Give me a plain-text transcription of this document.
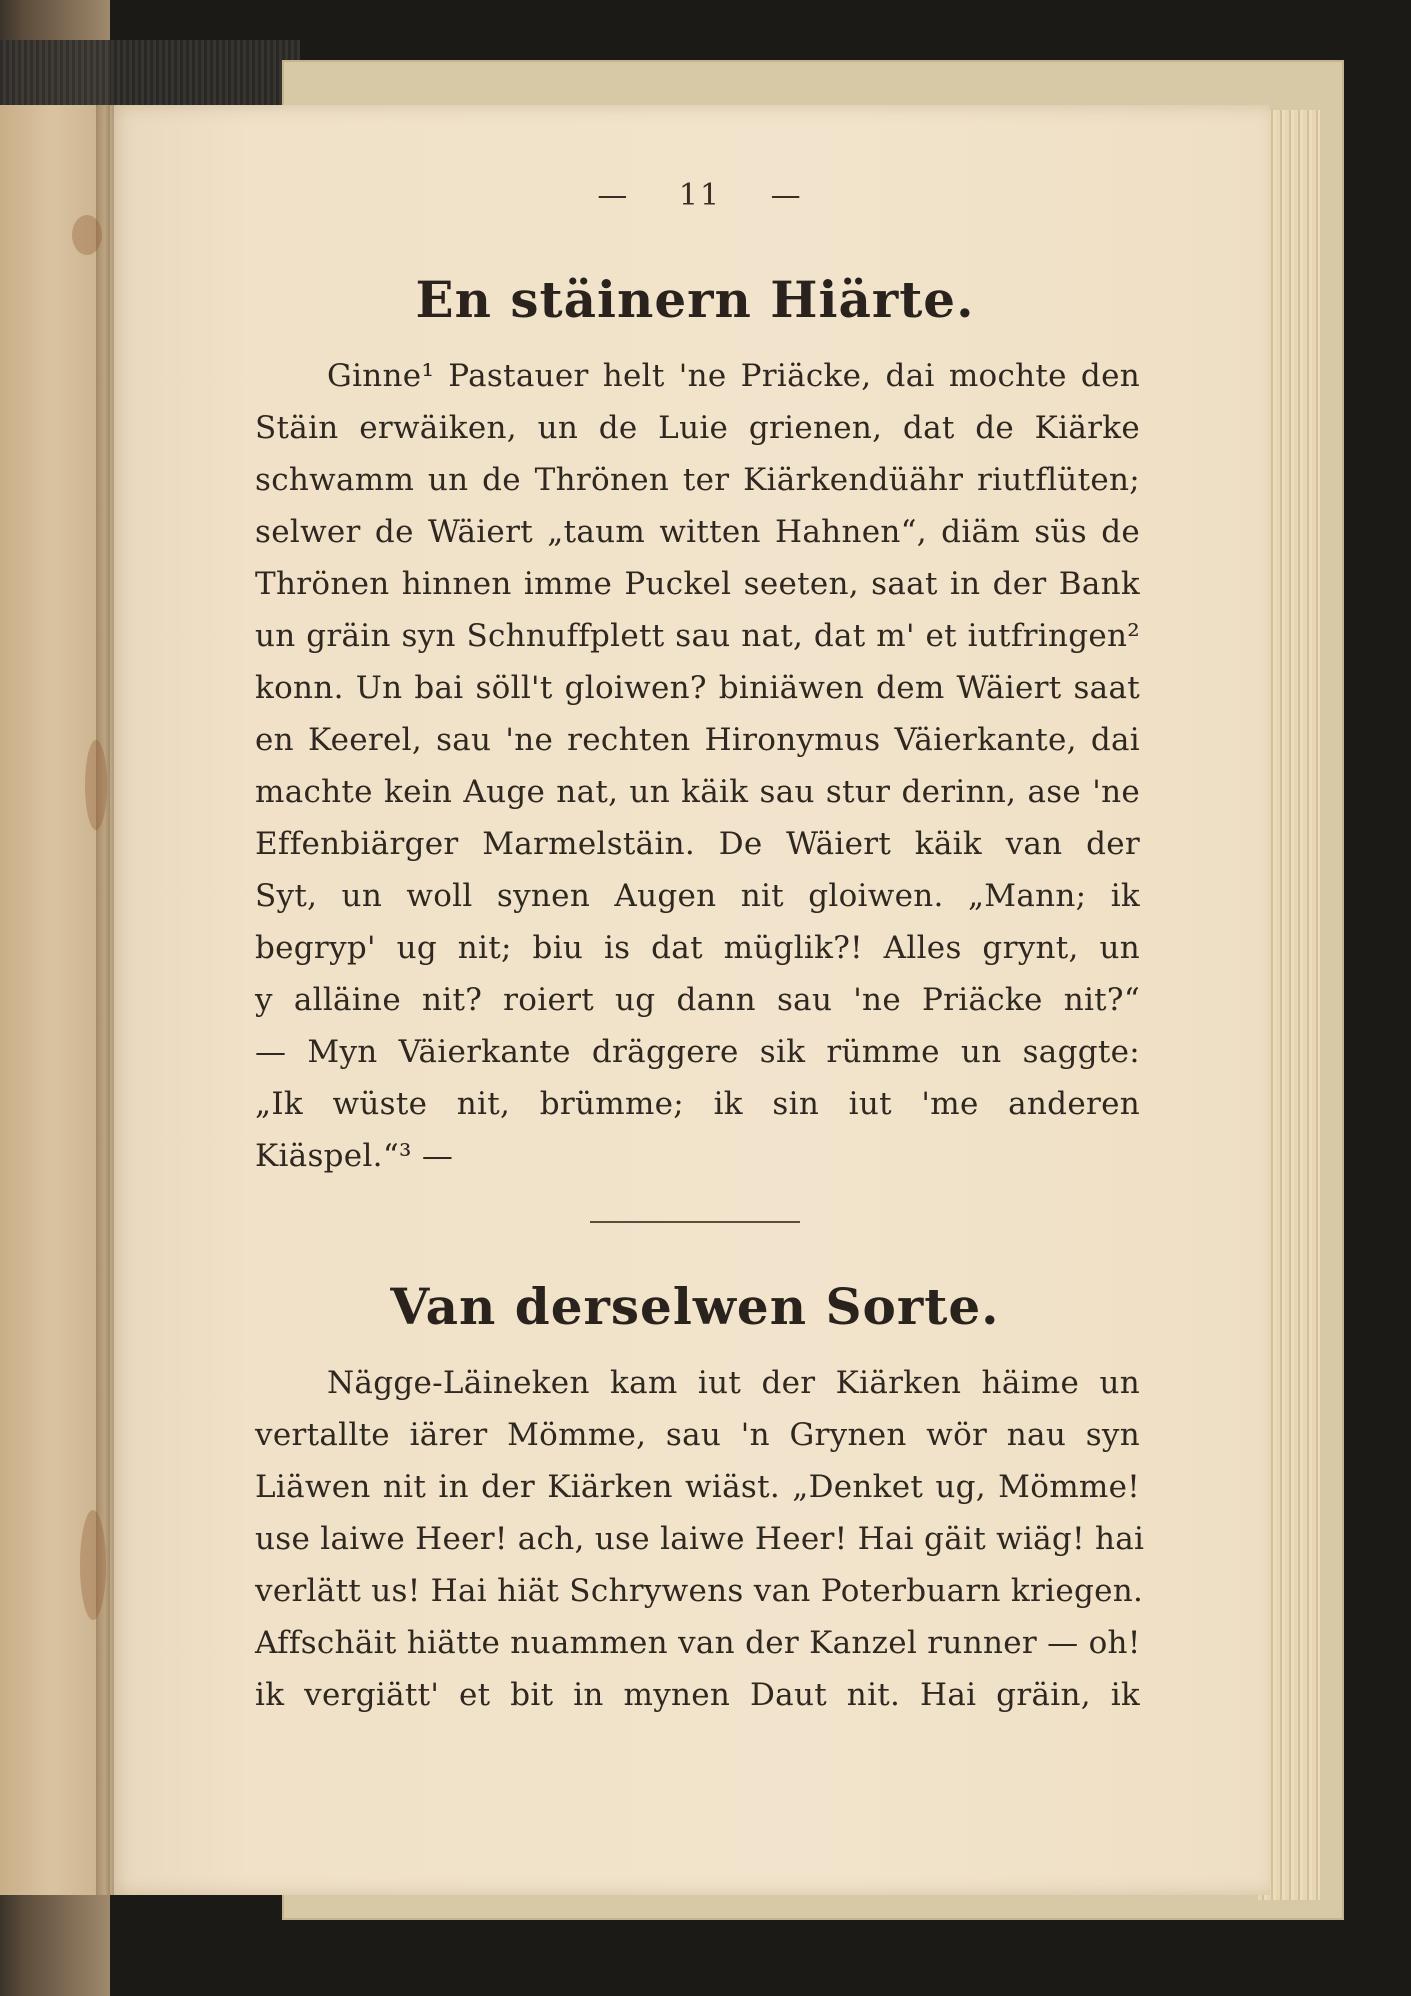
— 11 —
En stäinern Hiärte.
Ginne¹ Pastauer helt 'ne Priäcke, dai mochte den
Stäin erwäiken, un de Luie grienen, dat de Kiärke
schwamm un de Thrönen ter Kiärkendüähr riutflüten;
selwer de Wäiert „taum witten Hahnen“, diäm süs de
Thrönen hinnen imme Puckel seeten, saat in der Bank
un gräin syn Schnuffplett sau nat, dat m' et iutfringen²
konn. Un bai söll't gloiwen? biniäwen dem Wäiert saat
en Keerel, sau 'ne rechten Hironymus Väierkante, dai
machte kein Auge nat, un käik sau stur derinn, ase 'ne
Effenbiärger Marmelstäin. De Wäiert käik van der
Syt, un woll synen Augen nit gloiwen. „Mann; ik
begryp' ug nit; biu is dat müglik?! Alles grynt, un
y alläine nit? roiert ug dann sau 'ne Priäcke nit?“
— Myn Väierkante dräggere sik rümme un saggte:
„Ik wüste nit, brümme; ik sin iut 'me anderen
Kiäspel.“³ —
Van derselwen Sorte.
Nägge-Läineken kam iut der Kiärken häime un
vertallte iärer Mömme, sau 'n Grynen wör nau syn
Liäwen nit in der Kiärken wiäst. „Denket ug, Mömme!
use laiwe Heer! ach, use laiwe Heer! Hai gäit wiäg! hai
verlätt us! Hai hiät Schrywens van Poterbuarn kriegen.
Affschäit hiätte nuammen van der Kanzel runner — oh!
ik vergiätt' et bit in mynen Daut nit. Hai gräin, ik
